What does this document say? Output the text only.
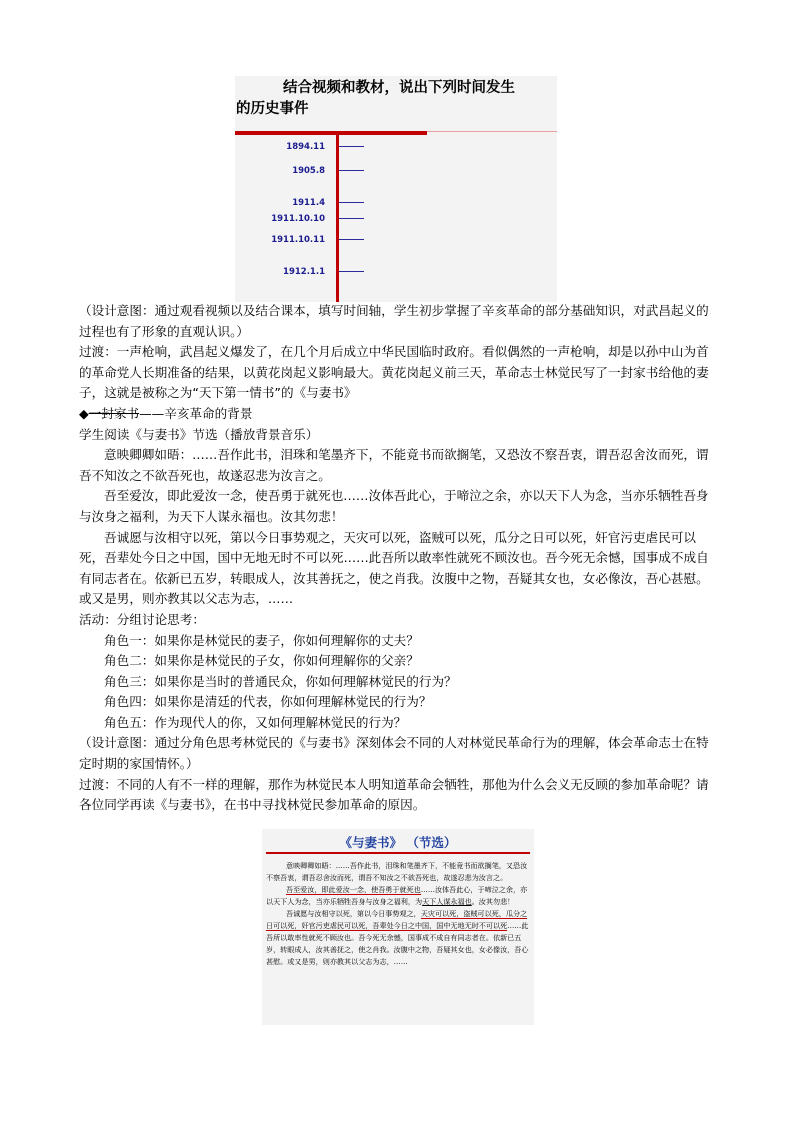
结合视频和教材，说出下列时间发生
的历史事件
1894.11
1905.8
1911.4
1911.10.10
1911.10.11
1912.1.1

（设计意图：通过观看视频以及结合课本，填写时间轴，学生初步掌握了辛亥革命的部分基础知识，对武昌起义的过程也有了形象的直观认识。）

过渡：一声枪响，武昌起义爆发了，在几个月后成立中华民国临时政府。看似偶然的一声枪响，却是以孙中山为首的革命党人长期准备的结果，以黄花岗起义影响最大。黄花岗起义前三天，革命志士林觉民写了一封家书给他的妻子，这就是被称之为“天下第一情书”的《与妻书》

◆一封家书——辛亥革命的背景

学生阅读《与妻书》节选（播放背景音乐）

意映卿卿如晤：……吾作此书，泪珠和笔墨齐下，不能竟书而欲搁笔，又恐汝不察吾衷，谓吾忍舍汝而死，谓吾不知汝之不欲吾死也，故遂忍悲为汝言之。

吾至爱汝，即此爱汝一念，使吾勇于就死也……汝体吾此心，于啼泣之余，亦以天下人为念，当亦乐牺牲吾身与汝身之福利，为天下人谋永福也。汝其勿悲！

吾诚愿与汝相守以死，第以今日事势观之，天灾可以死，盗贼可以死，瓜分之日可以死，奸官污吏虐民可以死，吾辈处今日之中国，国中无地无时不可以死……此吾所以敢率性就死不顾汝也。吾今死无余憾，国事成不成自有同志者在。依新已五岁，转眼成人，汝其善抚之，使之肖我。汝腹中之物，吾疑其女也，女必像汝，吾心甚慰。或又是男，则亦教其以父志为志，……

活动：分组讨论思考：

角色一：如果你是林觉民的妻子，你如何理解你的丈夫？

角色二：如果你是林觉民的子女，你如何理解你的父亲？

角色三：如果你是当时的普通民众，你如何理解林觉民的行为？

角色四：如果你是清廷的代表，你如何理解林觉民的行为？

角色五：作为现代人的你，又如何理解林觉民的行为？

（设计意图：通过分角色思考林觉民的《与妻书》深刻体会不同的人对林觉民革命行为的理解，体会革命志士在特定时期的家国情怀。）

过渡：不同的人有不一样的理解，那作为林觉民本人明知道革命会牺牲，那他为什么会义无反顾的参加革命呢？请各位同学再读《与妻书》，在书中寻找林觉民参加革命的原因。

《与妻书》 （节选）

意映卿卿如晤：……吾作此书，泪珠和笔墨齐下，不能竟书而欲搁笔，又恐汝不察吾衷，谓吾忍舍汝而死，谓吾不知汝之不欲吾死也，故遂忍悲为汝言之。

吾至爱汝，即此爱汝一念，使吾勇于就死也……汝体吾此心，于啼泣之余，亦以天下人为念，当亦乐牺牲吾身与汝身之福利，为天下人谋永福也。汝其勿悲！

吾诚愿与汝相守以死，第以今日事势观之，天灾可以死，盗贼可以死，瓜分之日可以死，奸官污吏虐民可以死，吾辈处今日之中国，国中无地无时不可以死……此吾所以敢率性就死不顾汝也。吾今死无余憾，国事成不成自有同志者在。依新已五岁，转眼成人，汝其善抚之，使之肖我。汝腹中之物，吾疑其女也，女必像汝，吾心甚慰。或又是男，则亦教其以父志为志，……
